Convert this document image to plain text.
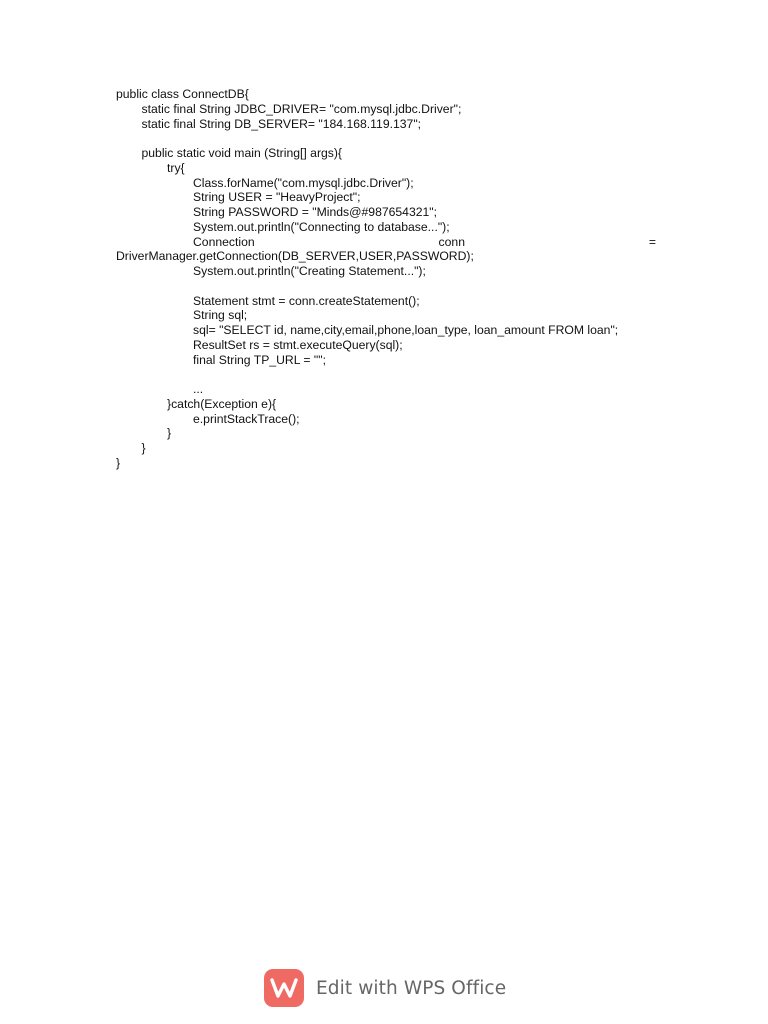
public class ConnectDB{
static final String JDBC_DRIVER= "com.mysql.jdbc.Driver";
static final String DB_SERVER= "184.168.119.137";
public static void main (String[] args){
try{
Class.forName("com.mysql.jdbc.Driver");
String USER = "HeavyProject";
String PASSWORD = "Minds@#987654321";
System.out.println("Connecting to database...");
Connection	conn	=
DriverManager.getConnection(DB_SERVER,USER,PASSWORD);
System.out.println("Creating Statement...");
Statement stmt = conn.createStatement();
String sql;
sql= "SELECT id, name,city,email,phone,loan_type, loan_amount FROM loan";
ResultSet rs = stmt.executeQuery(sql);
final String TP_URL = "";
...
}catch(Exception e){
e.printStackTrace();
}
}
}
Edit with WPS Office
